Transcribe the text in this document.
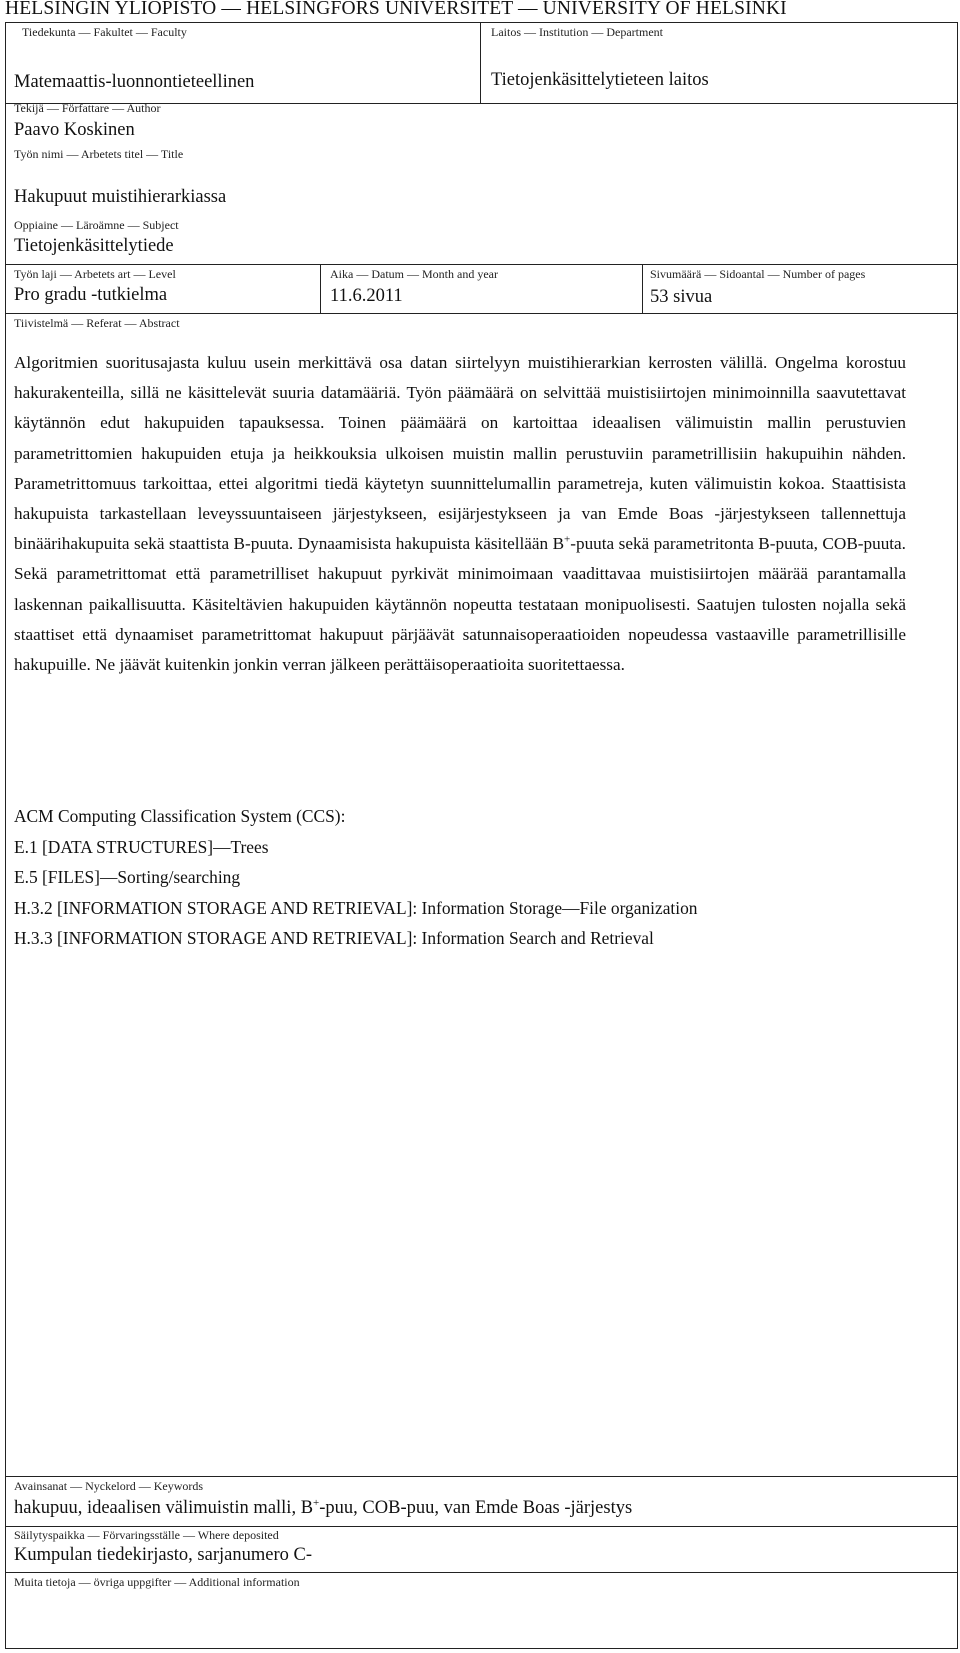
HELSINGIN YLIOPISTO — HELSINGFORS UNIVERSITET — UNIVERSITY OF HELSINKI
Tiedekunta — Fakultet — Faculty
Matemaattis-luonnontieteellinen
Laitos — Institution — Department
Tietojenkäsittelytieteen laitos
Tekijä — Författare — Author
Paavo Koskinen
Työn nimi — Arbetets titel — Title
Hakupuut muistihierarkiassa
Oppiaine — Läroämne — Subject
Tietojenkäsittelytiede
Työn laji — Arbetets art — Level
Pro gradu -tutkielma
Aika — Datum — Month and year
11.6.2011
Sivumäärä — Sidoantal — Number of pages
53 sivua
Tiivistelmä — Referat — Abstract

Algoritmien suoritusajasta kuluu usein merkittävä osa datan siirtelyyn muistihierarkian kerrosten välillä. Ongelma korostuu hakurakenteilla, sillä ne käsittelevät suuria datamääriä. Työn päämäärä on selvittää muistisiirtojen minimoinnilla saavutettavat käytännön edut hakupuiden tapauksessa. Toinen päämäärä on kartoittaa ideaalisen välimuistin mallin perustuvien parametrittomien hakupuiden etuja ja heikkouksia ulkoisen muistin mallin perustuviin parametrillisiin hakupuihin nähden. Parametrittomuus tarkoittaa, ettei algoritmi tiedä käytetyn suunnittelumallin parametreja, kuten välimuistin kokoa. Staattisista hakupuista tarkastellaan leveyssuuntaiseen järjestykseen, esijärjestykseen ja van Emde Boas -järjestykseen tallennettuja binäärihakupuita sekä staattista B-puuta. Dynaamisista hakupuista käsitellään B+-puuta sekä parametritonta B-puuta, COB-puuta. Sekä parametrittomat että parametrilliset hakupuut pyrkivät minimoimaan vaadittavaa muistisiirtojen määrää parantamalla laskennan paikallisuutta. Käsiteltävien hakupuiden käytännön nopeutta testataan monipuolisesti. Saatujen tulosten nojalla sekä staattiset että dynaamiset parametrittomat hakupuut pärjäävät satunnaisoperaatioiden nopeudessa vastaaville parametrillisille hakupuille. Ne jäävät kuitenkin jonkin verran jälkeen perättäisoperaatioita suoritettaessa.

ACM Computing Classification System (CCS):
E.1 [DATA STRUCTURES]—Trees
E.5 [FILES]—Sorting/searching
H.3.2 [INFORMATION STORAGE AND RETRIEVAL]: Information Storage—File organization
H.3.3 [INFORMATION STORAGE AND RETRIEVAL]: Information Search and Retrieval
Avainsanat — Nyckelord — Keywords
hakupuu, ideaalisen välimuistin malli, B+-puu, COB-puu, van Emde Boas -järjestys
Säilytyspaikka — Förvaringsställe — Where deposited
Kumpulan tiedekirjasto, sarjanumero C-
Muita tietoja — övriga uppgifter — Additional information
